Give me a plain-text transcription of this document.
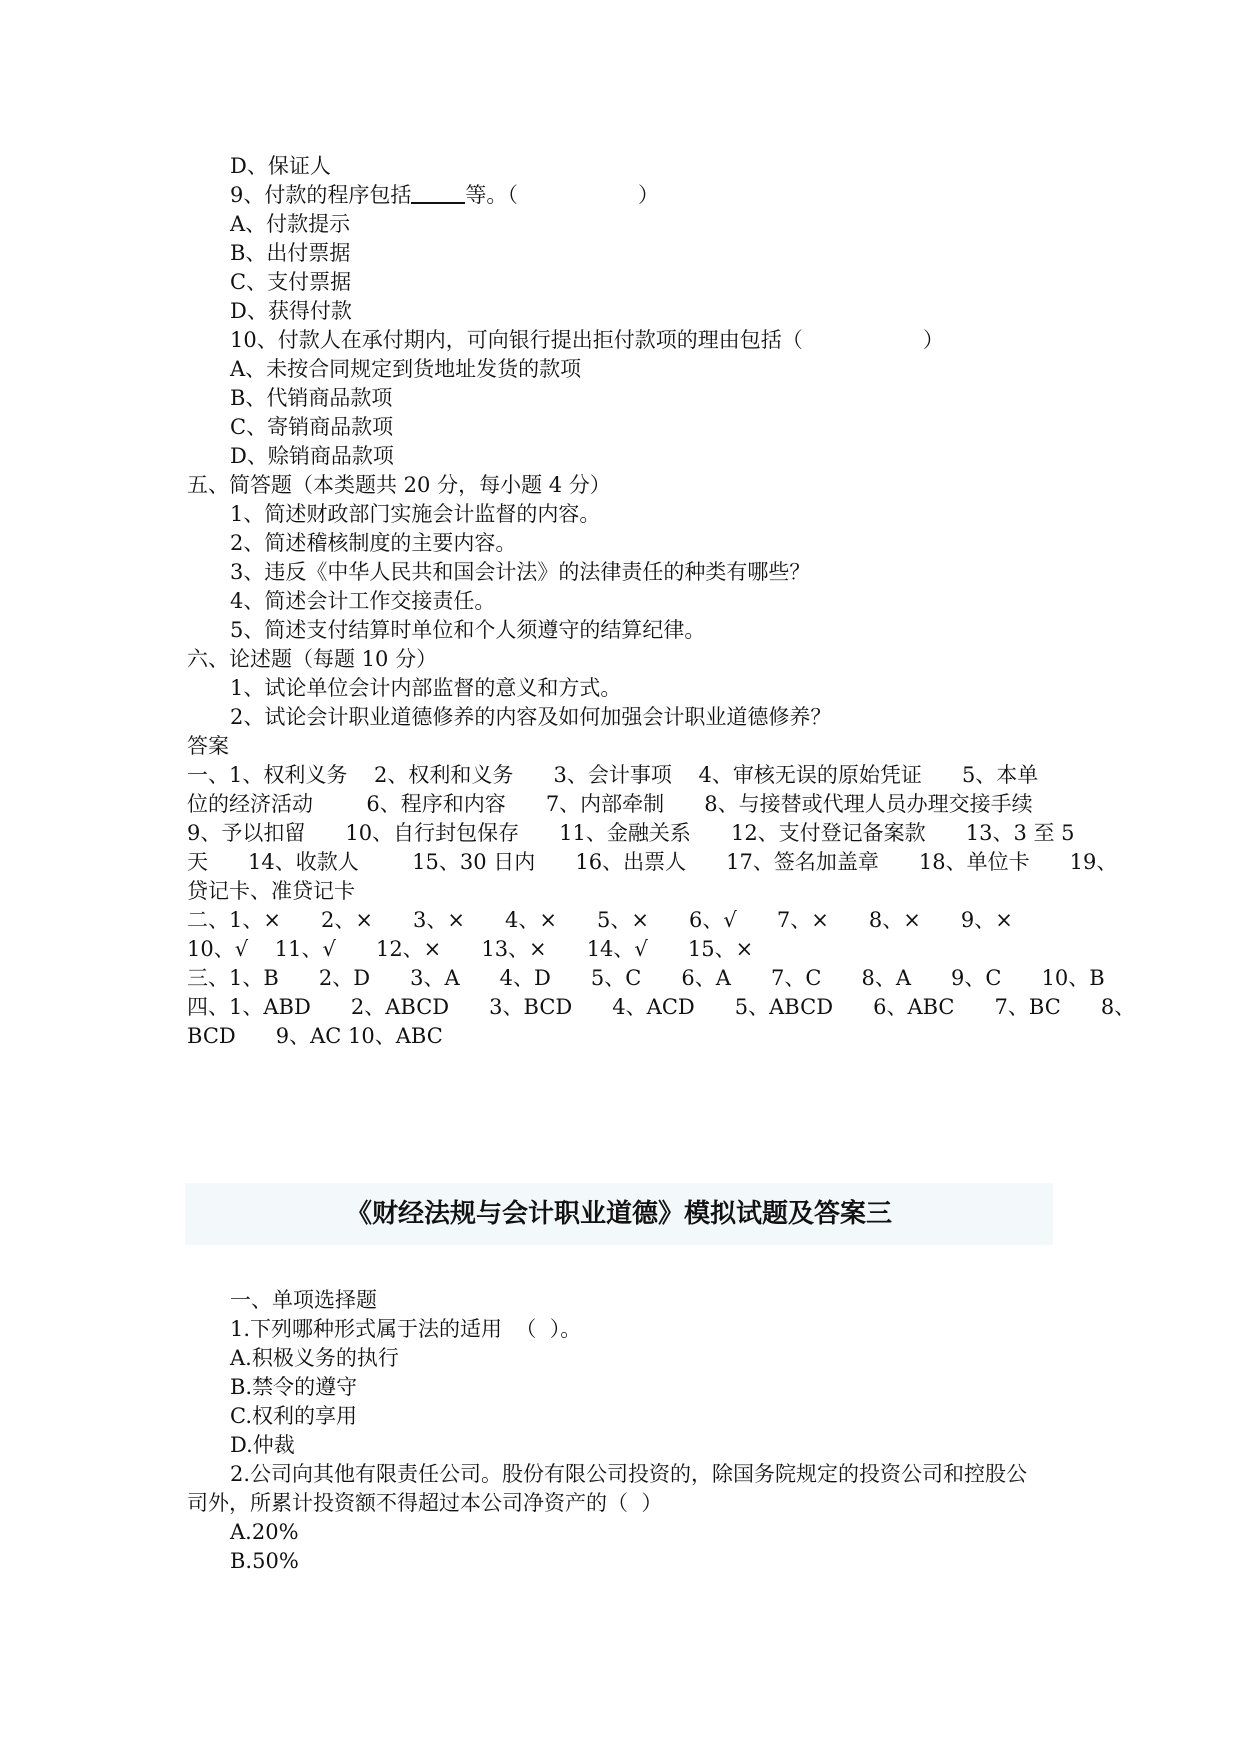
D、保证人
9、付款的程序包括	等。（                  ）
A、付款提示
B、出付票据
C、支付票据
D、获得付款
10、付款人在承付期内，可向银行提出拒付款项的理由包括（                  ）
A、未按合同规定到货地址发货的款项
B、代销商品款项
C、寄销商品款项
D、赊销商品款项
五、简答题（本类题共 20 分，每小题 4 分）
1、简述财政部门实施会计监督的内容。
2、简述稽核制度的主要内容。
3、违反《中华人民共和国会计法》的法律责任的种类有哪些？
4、简述会计工作交接责任。
5、简述支付结算时单位和个人须遵守的结算纪律。
六、论述题（每题 10 分）
1、试论单位会计内部监督的意义和方式。
2、试论会计职业道德修养的内容及如何加强会计职业道德修养？
答案
一、1、权利义务    2、权利和义务      3、会计事项    4、审核无误的原始凭证      5、本单
位的经济活动        6、程序和内容      7、内部牵制      8、与接替或代理人员办理交接手续
9、予以扣留      10、自行封包保存      11、金融关系      12、支付登记备案款      13、3 至 5
天      14、收款人        15、30 日内      16、出票人      17、签名加盖章      18、单位卡      19、
贷记卡、准贷记卡
二、1、×      2、×      3、×      4、×      5、×      6、√      7、×      8、×      9、×
10、√    11、√      12、×      13、×      14、√      15、×
三、1、B      2、D      3、A      4、D      5、C      6、A      7、C      8、A      9、C      10、B
四、1、ABD      2、ABCD      3、BCD      4、ACD      5、ABCD      6、ABC      7、BC      8、
BCD      9、AC 10、ABC
《财经法规与会计职业道德》模拟试题及答案三
一、单项选择题
1.下列哪种形式属于法的适用  （  ）。
A.积极义务的执行
B.禁令的遵守
C.权利的享用
D.仲裁
2.公司向其他有限责任公司。股份有限公司投资的，除国务院规定的投资公司和控股公
司外，所累计投资额不得超过本公司净资产的（  ）
A.20%
B.50%
